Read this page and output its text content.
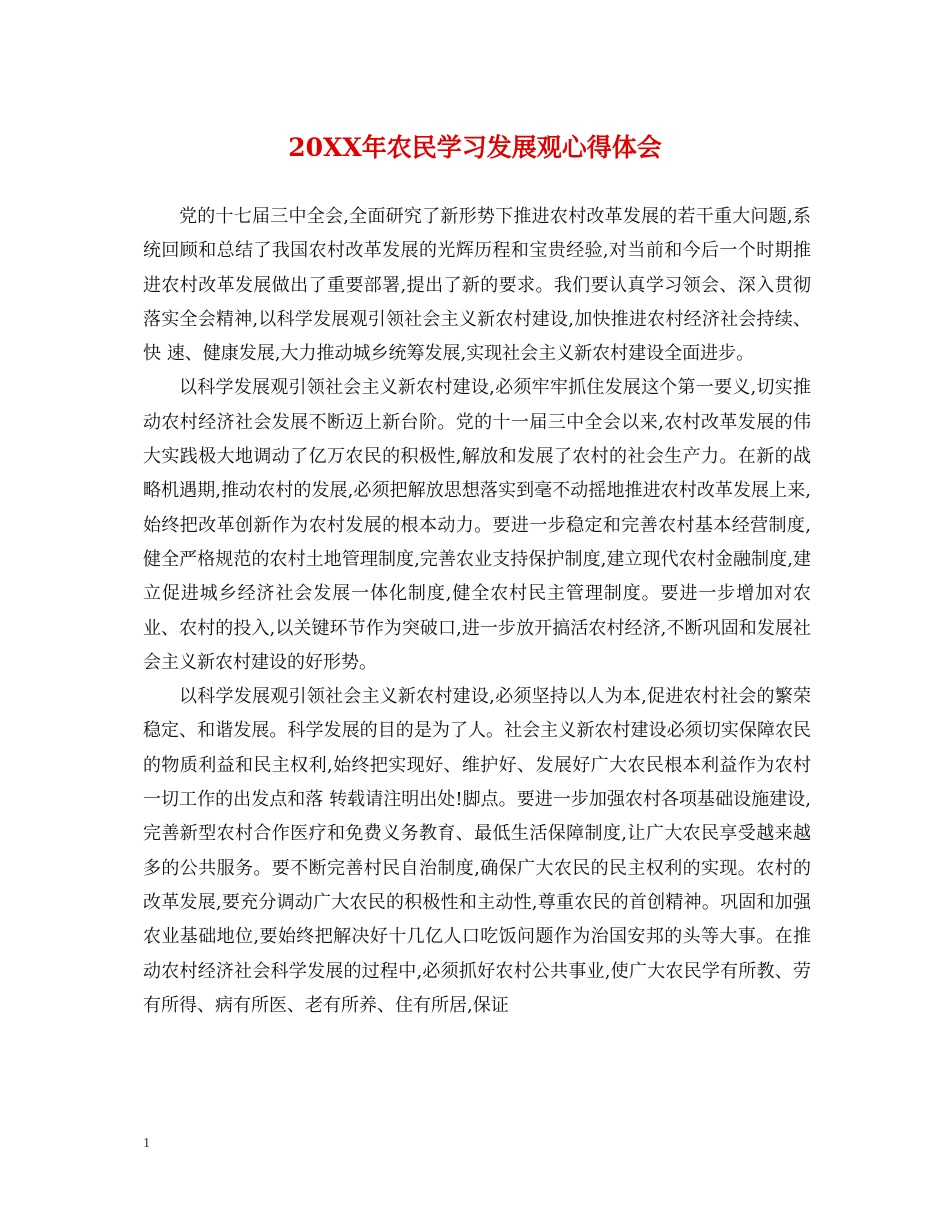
20XX年农民学习发展观心得体会

党的十七届三中全会,全面研究了新形势下推进农村改革发展的若干重大问题,系统回顾和总结了我国农村改革发展的光辉历程和宝贵经验,对当前和今后一个时期推进农村改革发展做出了重要部署,提出了新的要求。我们要认真学习领会、深入贯彻落实全会精神,以科学发展观引领社会主义新农村建设,加快推进农村经济社会持续、快 速、健康发展,大力推动城乡统筹发展,实现社会主义新农村建设全面进步。

以科学发展观引领社会主义新农村建设,必须牢牢抓住发展这个第一要义,切实推动农村经济社会发展不断迈上新台阶。党的十一届三中全会以来,农村改革发展的伟大实践极大地调动了亿万农民的积极性,解放和发展了农村的社会生产力。在新的战略机遇期,推动农村的发展,必须把解放思想落实到毫不动摇地推进农村改革发展上来,始终把改革创新作为农村发展的根本动力。要进一步稳定和完善农村基本经营制度,健全严格规范的农村土地管理制度,完善农业支持保护制度,建立现代农村金融制度,建立促进城乡经济社会发展一体化制度,健全农村民主管理制度。要进一步增加对农业、农村的投入,以关键环节作为突破口,进一步放开搞活农村经济,不断巩固和发展社会主义新农村建设的好形势。

以科学发展观引领社会主义新农村建设,必须坚持以人为本,促进农村社会的繁荣稳定、和谐发展。科学发展的目的是为了人。社会主义新农村建设必须切实保障农民的物质利益和民主权利,始终把实现好、维护好、发展好广大农民根本利益作为农村一切工作的出发点和落 转载请注明出处!脚点。要进一步加强农村各项基础设施建设,完善新型农村合作医疗和免费义务教育、最低生活保障制度,让广大农民享受越来越多的公共服务。要不断完善村民自治制度,确保广大农民的民主权利的实现。农村的改革发展,要充分调动广大农民的积极性和主动性,尊重农民的首创精神。巩固和加强农业基础地位,要始终把解决好十几亿人口吃饭问题作为治国安邦的头等大事。在推动农村经济社会科学发展的过程中,必须抓好农村公共事业,使广大农民学有所教、劳有所得、病有所医、老有所养、住有所居,保证

1
